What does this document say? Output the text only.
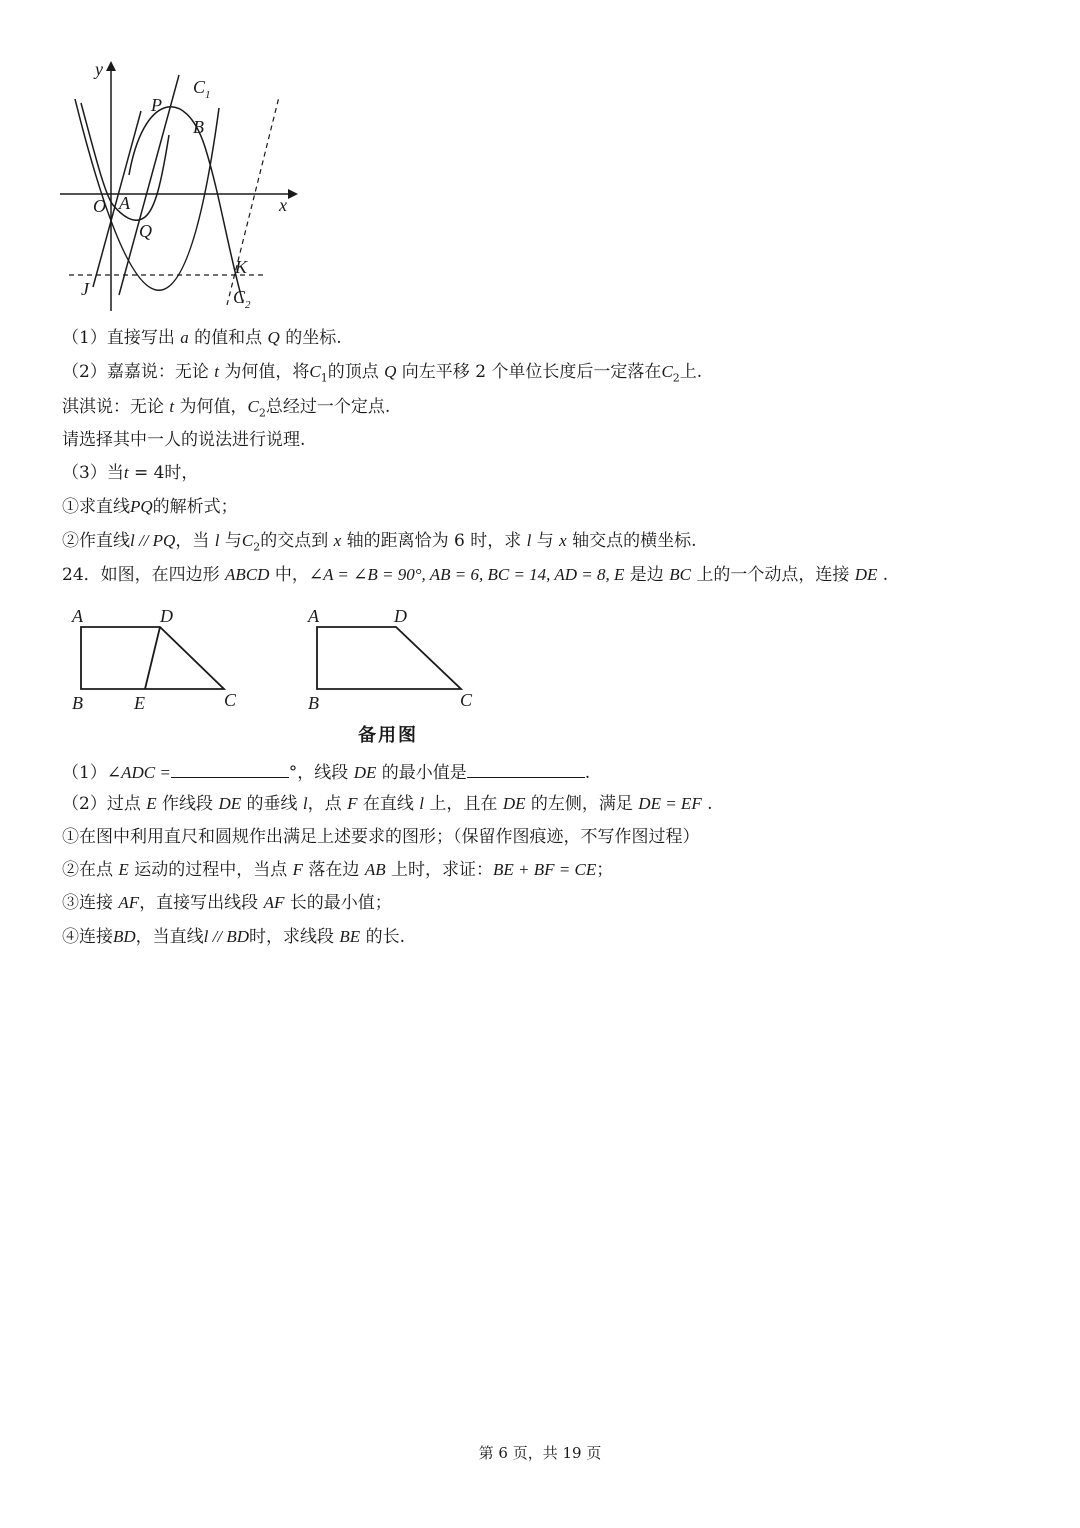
y
x
O A
Q
P
B
$C_1$
J
K
$C_2$
（1）直接写出 a 的值和点 Q 的坐标.
（2）嘉嘉说：无论 t 为何值，将$C_1$的顶点 Q 向左平移 2 个单位长度后一定落在$C_2$上.
淇淇说：无论 t 为何值，$C_2$总经过一个定点.
请选择其中一人的说法进行说理.
（3）当t = 4时，
①求直线PQ的解析式；
②作直线l // PQ，当 l 与$C_2$的交点到 x 轴的距离恰为 6 时，求 l 与 x 轴交点的横坐标.
24．如图，在四边形 ABCD 中，∠A = ∠B = 90°, AB = 6, BC = 14, AD = 8, E 是边 BC 上的一个动点，连接 DE .
A	D
B	E	C
A	D
B	C
备用图
（1）∠ADC =	°，线段 DE 的最小值是	.
（2）过点 E 作线段 DE 的垂线 l，点 F 在直线 l 上，且在 DE 的左侧，满足 DE = EF .
①在图中利用直尺和圆规作出满足上述要求的图形；（保留作图痕迹，不写作图过程）
②在点 E 运动的过程中，当点 F 落在边 AB 上时，求证：BE + BF = CE；
③连接 AF，直接写出线段 AF 长的最小值；
④连接BD，当直线l // BD时，求线段 BE 的长.
第 6 页，共 19 页
